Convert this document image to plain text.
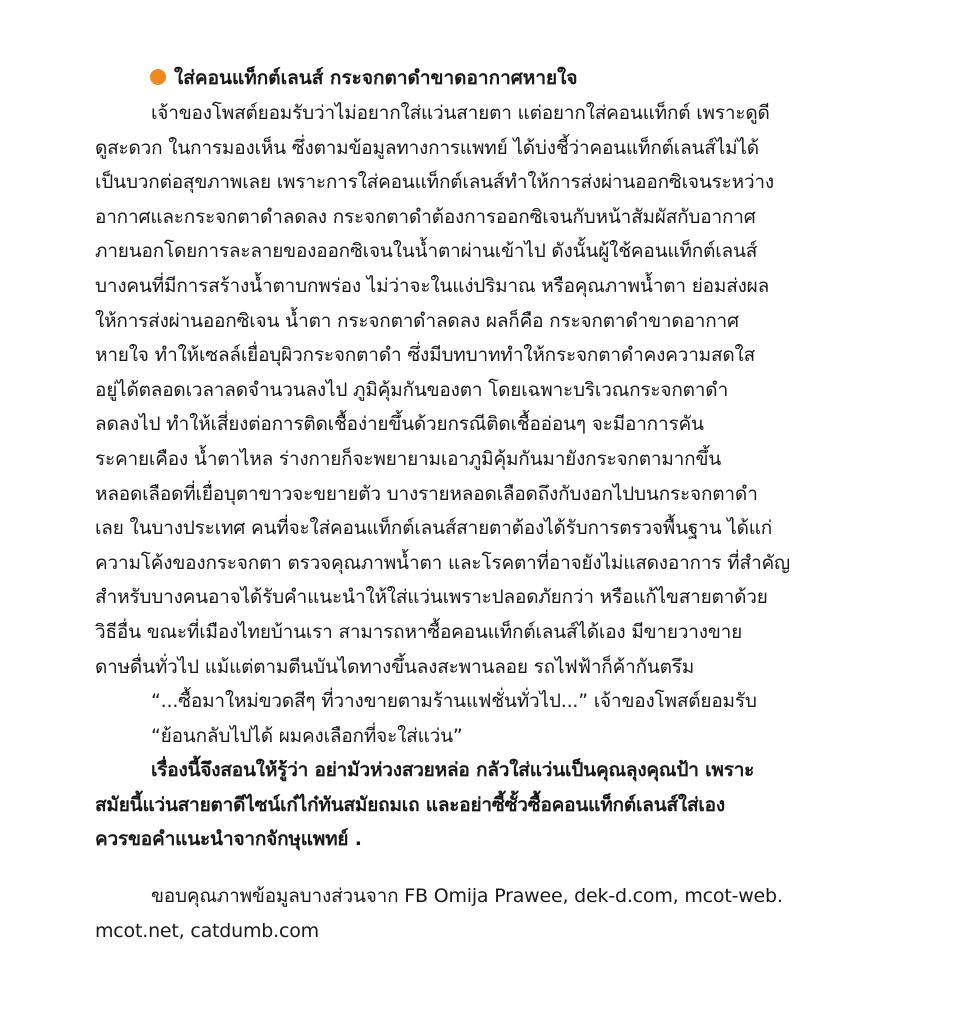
ใส่คอนแท็กต์เลนส์ กระจกตาดำขาดอากาศหายใจ
เจ้าของโพสต์ยอมรับว่าไม่อยากใส่แว่นสายตา แต่อยากใส่คอนแท็กต์ เพราะดูดี
ดูสะดวก ในการมองเห็น ซึ่งตามข้อมูลทางการแพทย์ ได้บ่งชี้ว่าคอนแท็กต์เลนส์ไม่ได้
เป็นบวกต่อสุขภาพเลย เพราะการใส่คอนแท็กต์เลนส์ทำให้การส่งผ่านออกซิเจนระหว่าง
อากาศและกระจกตาดำลดลง กระจกตาดำต้องการออกซิเจนกับหน้าสัมผัสกับอากาศ
ภายนอกโดยการละลายของออกซิเจนในน้ำตาผ่านเข้าไป ดังนั้นผู้ใช้คอนแท็กต์เลนส์
บางคนที่มีการสร้างน้ำตาบกพร่อง ไม่ว่าจะในแง่ปริมาณ หรือคุณภาพน้ำตา ย่อมส่งผล
ให้การส่งผ่านออกซิเจน น้ำตา กระจกตาดำลดลง ผลก็คือ กระจกตาดำขาดอากาศ
หายใจ ทำให้เซลล์เยื่อบุผิวกระจกตาดำ ซึ่งมีบทบาททำให้กระจกตาดำคงความสดใส
อยู่ได้ตลอดเวลาลดจำนวนลงไป ภูมิคุ้มกันของตา โดยเฉพาะบริเวณกระจกตาดำ
ลดลงไป ทำให้เสี่ยงต่อการติดเชื้อง่ายขึ้นด้วยกรณีติดเชื้ออ่อนๆ จะมีอาการคัน
ระคายเคือง น้ำตาไหล ร่างกายก็จะพยายามเอาภูมิคุ้มกันมายังกระจกตามากขึ้น
หลอดเลือดที่เยื่อบุตาขาวจะขยายตัว บางรายหลอดเลือดถึงกับงอกไปบนกระจกตาดำ
เลย ในบางประเทศ คนที่จะใส่คอนแท็กต์เลนส์สายตาต้องได้รับการตรวจพื้นฐาน ได้แก่
ความโค้งของกระจกตา ตรวจคุณภาพน้ำตา และโรคตาที่อาจยังไม่แสดงอาการ ที่สำคัญ
สำหรับบางคนอาจได้รับคำแนะนำให้ใส่แว่นเพราะปลอดภัยกว่า หรือแก้ไขสายตาด้วย
วิธีอื่น ขณะที่เมืองไทยบ้านเรา สามารถหาซื้อคอนแท็กต์เลนส์ได้เอง มีขายวางขาย
ดาษดื่นทั่วไป แม้แต่ตามตีนบันไดทางขึ้นลงสะพานลอย รถไฟฟ้าก็ค้ากันตรึม
“...ซื้อมาใหม่ขวดสีๆ ที่วางขายตามร้านแฟชั่นทั่วไป...” เจ้าของโพสต์ยอมรับ
“ย้อนกลับไปได้ ผมคงเลือกที่จะใส่แว่น”
เรื่องนี้จึงสอนให้รู้ว่า อย่ามัวห่วงสวยหล่อ กลัวใส่แว่นเป็นคุณลุงคุณป้า เพราะ
สมัยนี้แว่นสายตาดีไซน์เก๋ไก๋ทันสมัยถมเถ และอย่าซี้ซั้วซื้อคอนแท็กต์เลนส์ใส่เอง
ควรขอคำแนะนำจากจักษุแพทย์ .
ขอบคุณภาพข้อมูลบางส่วนจาก FB Omija Prawee, dek-d.com, mcot-web.
mcot.net, catdumb.com
